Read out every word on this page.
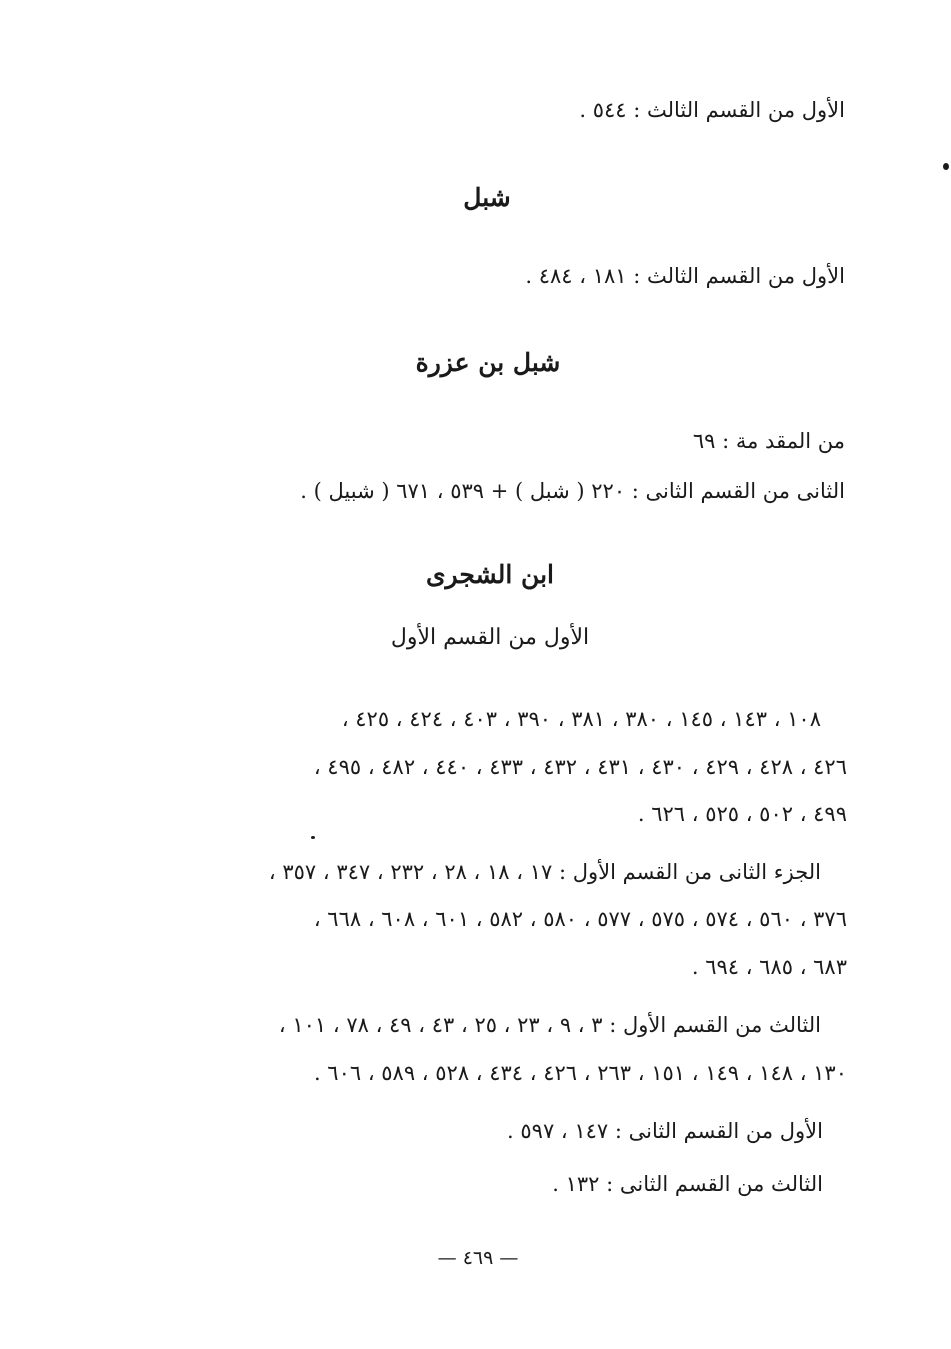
الأول من القسم الثالث : ٥٤٤ .
شبل
الأول من القسم الثالث : ١٨١ ، ٤٨٤ .
شبل بن عزرة
من المقد مة : ٦٩
الثانى من القسم الثانى : ٢٢٠ ( شبل ) + ٥٣٩ ، ٦٧١ ( شبيل ) .
ابن الشجرى
الأول من القسم الأول
١٠٨ ، ١٤٣ ، ١٤٥ ، ٣٨٠ ، ٣٨١ ، ٣٩٠ ، ٤٠٣ ، ٤٢٤ ، ٤٢٥ ،
٤٢٦ ، ٤٢٨ ، ٤٢٩ ، ٤٣٠ ، ٤٣١ ، ٤٣٢ ، ٤٣٣ ، ٤٤٠ ، ٤٨٢ ، ٤٩٥ ،
٤٩٩ ، ٥٠٢ ، ٥٢٥ ، ٦٢٦ .
الجزء الثانى من القسم الأول : ١٧ ، ١٨ ، ٢٨ ، ٢٣٢ ، ٣٤٧ ، ٣٥٧ ،
٣٧٦ ، ٥٦٠ ، ٥٧٤ ، ٥٧٥ ، ٥٧٧ ، ٥٨٠ ، ٥٨٢ ، ٦٠١ ، ٦٠٨ ، ٦٦٨ ،
٦٨٣ ، ٦٨٥ ، ٦٩٤ .
الثالث من القسم الأول : ٣ ، ٩ ، ٢٣ ، ٢٥ ، ٤٣ ، ٤٩ ، ٧٨ ، ١٠١ ،
١٣٠ ، ١٤٨ ، ١٤٩ ، ١٥١ ، ٢٦٣ ، ٤٢٦ ، ٤٣٤ ، ٥٢٨ ، ٥٨٩ ، ٦٠٦ .
الأول من القسم الثانى : ١٤٧ ، ٥٩٧ .
الثالث من القسم الثانى : ١٣٢ .
— ٤٦٩ —
